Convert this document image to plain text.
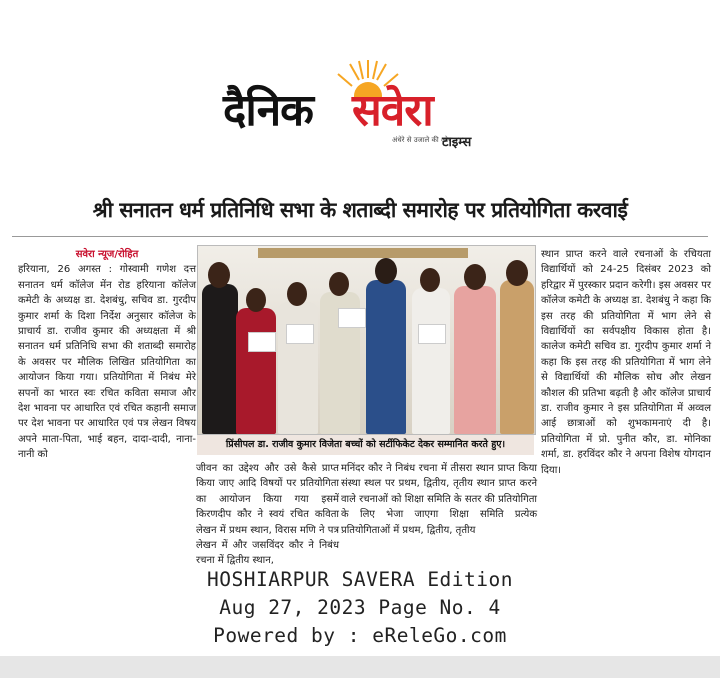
दैनिक सवेरा
अंधेरे से उजाले की ओर...
टाइम्स
श्री सनातन धर्म प्रतिनिधि सभा के शताब्दी समारोह पर प्रतियोगिता करवाई

सवेरा न्यूज/रोहित

हरियाना, 26 अगस्त : गोस्वामी गणेश दत्त सनातन धर्म कॉलेज मेंन रोड हरियाना कॉलेज कमेटी के अध्यक्ष डा. देशबंधु, सचिव डा. गुरदीप कुमार शर्मा के दिशा निर्देश अनुसार कॉलेज के प्राचार्य डा. राजीव कुमार की अध्यक्षता में श्री सनातन धर्म प्रतिनिधि सभा की शताब्दी समारोह के अवसर पर मौलिक लिखित प्रतियोगिता का आयोजन किया गया। प्रतियोगिता में निबंध मेरे सपनों का भारत स्वः रचित कविता समाज और देश भावना पर आधारित एवं रचित कहानी समाज पर देश भावना पर आधारित एवं पत्र लेखन विषय अपने माता-पिता, भाई बहन, दादा-दादी, नाना-नानी को

प्रिंसीपल डा. राजीव कुमार विजेता बच्चों को सर्टीफिकेट देकर सम्मानित करते हुए।

जीवन का उद्देश्य और उसे कैसे प्राप्त किया जाए आदि विषयों पर प्रतियोगिता का आयोजन किया गया इसमें किरणदीप कौर ने स्वयं रचित कविता लेखन में प्रथम स्थान, विरास मणि ने पत्र लेखन में और जसविंदर कौर ने निबंध रचना में द्वितीय स्थान,

मनिंदर कौर ने निबंध रचना में तीसरा स्थान प्राप्त किया संस्था स्थल पर प्रथम, द्वितीय, तृतीय स्थान प्राप्त करने वाले रचनाओं को शिक्षा समिति के सतर की प्रतियोगिता के लिए भेजा जाएगा शिक्षा समिति प्रत्येक प्रतियोगिताओं में प्रथम, द्वितीय, तृतीय

स्थान प्राप्त करने वाले रचनाओं के रचियता विद्यार्थियों को 24-25 दिसंबर 2023 को हरिद्वार में पुरस्कार प्रदान करेगी। इस अवसर पर कॉलेज कमेटी के अध्यक्ष डा. देशबंधु ने कहा कि इस तरह की प्रतियोगिता में भाग लेने से विद्यार्थियों का सर्वपक्षीय विकास होता है। कालेज कमेटी सचिव डा. गुरदीप कुमार शर्मा ने कहा कि इस तरह की प्रतियोगिता में भाग लेने से विद्यार्थियों की मौलिक सोच और लेखन कौशल की प्रतिभा बढ़ती है और कॉलेज प्राचार्य डा. राजीव कुमार ने इस प्रतियोगिता में अव्वल आई छात्राओं को शुभकामनाएं दी है। प्रतियोगिता में प्रो. पुनीत कौर, डा. मोनिका शर्मा, डा. हरविंदर कौर ने अपना विशेष योगदान दिया।

HOSHIARPUR SAVERA Edition
Aug 27, 2023 Page No. 4
Powered by : eReleGo.com
